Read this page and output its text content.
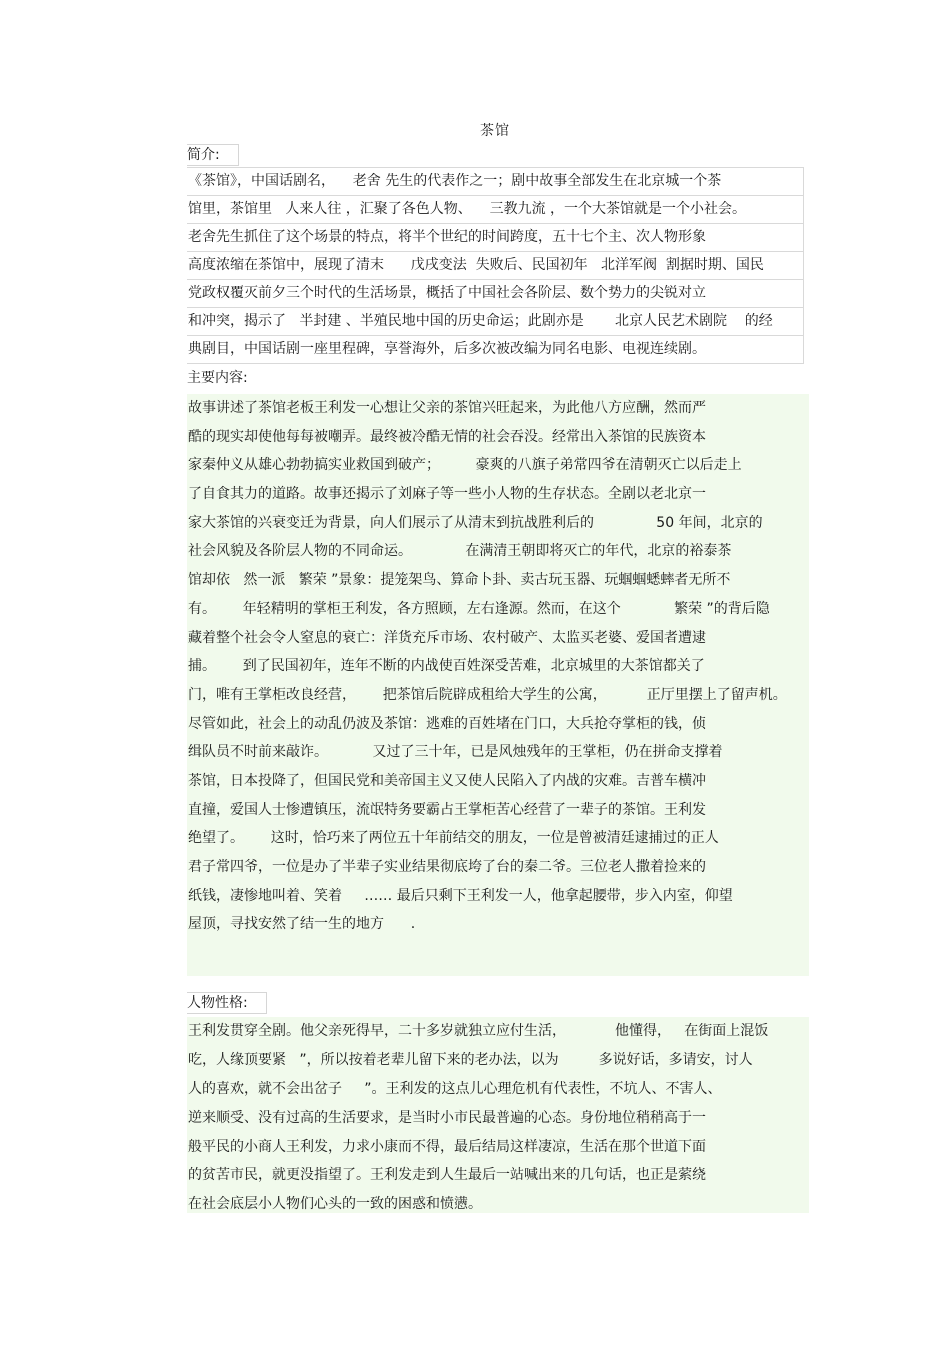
茶馆
简介:
《茶馆》，中国话剧名，    老舍 先生的代表作之一；剧中故事全部发生在北京城一个茶
馆里，茶馆里   人来人往 ，汇聚了各色人物、    三教九流 ，一个大茶馆就是一个小社会。
老舍先生抓住了这个场景的特点，将半个世纪的时间跨度，五十七个主、次人物形象
高度浓缩在茶馆中，展现了清末      戊戌变法  失败后、民国初年   北洋军阀  割据时期、国民
党政权覆灭前夕三个时代的生活场景，概括了中国社会各阶层、数个势力的尖锐对立
和冲突，揭示了   半封建 、半殖民地中国的历史命运；此剧亦是       北京人民艺术剧院    的经
典剧目，中国话剧一座里程碑，享誉海外，后多次被改编为同名电影、电视连续剧。
主要内容:
故事讲述了茶馆老板王利发一心想让父亲的茶馆兴旺起来，为此他八方应酬，然而严
酷的现实却使他每每被嘲弄。最终被冷酷无情的社会吞没。经常出入茶馆的民族资本
家秦仲义从雄心勃勃搞实业救国到破产；        豪爽的八旗子弟常四爷在清朝灭亡以后走上
了自食其力的道路。故事还揭示了刘麻子等一些小人物的生存状态。全剧以老北京一
家大茶馆的兴衰变迁为背景，向人们展示了从清末到抗战胜利后的              50 年间，北京的
社会风貌及各阶层人物的不同命运。            在满清王朝即将灭亡的年代，北京的裕泰茶
馆却依   然一派   繁荣 ”景象：提笼架鸟、算命卜卦、卖古玩玉器、玩蝈蝈蟋蟀者无所不
有。      年轻精明的掌柜王利发，各方照顾，左右逢源。然而，在这个            繁荣 ”的背后隐
藏着整个社会令人窒息的衰亡：洋货充斥市场、农村破产、太监买老婆、爱国者遭逮
捕。      到了民国初年，连年不断的内战使百姓深受苦难，北京城里的大茶馆都关了
门，唯有王掌柜改良经营，      把茶馆后院辟成租给大学生的公寓，         正厅里摆上了留声机。
尽管如此，社会上的动乱仍波及茶馆：逃难的百姓堵在门口，大兵抢夺掌柜的钱，侦
缉队员不时前来敲诈。          又过了三十年，已是风烛残年的王掌柜，仍在拼命支撑着
茶馆，日本投降了，但国民党和美帝国主义又使人民陷入了内战的灾难。吉普车横冲
直撞，爱国人士惨遭镇压，流氓特务要霸占王掌柜苦心经营了一辈子的茶馆。王利发
绝望了。      这时，恰巧来了两位五十年前结交的朋友，一位是曾被清廷逮捕过的正人
君子常四爷，一位是办了半辈子实业结果彻底垮了台的秦二爷。三位老人撒着捡来的
纸钱，凄惨地叫着、笑着     …… 最后只剩下王利发一人，他拿起腰带，步入内室，仰望
屋顶，寻找安然了结一生的地方      .
人物性格:
王利发贯穿全剧。他父亲死得早，二十多岁就独立应付生活，           他懂得，   在街面上混饭
吃，人缘顶要紧   ”，所以按着老辈儿留下来的老办法，以为         多说好话，多请安，讨人
人的喜欢，就不会出岔子     ”。王利发的这点儿心理危机有代表性，不坑人、不害人、
逆来顺受、没有过高的生活要求，是当时小市民最普遍的心态。身份地位稍稍高于一
般平民的小商人王利发，力求小康而不得，最后结局这样凄凉，生活在那个世道下面
的贫苦市民，就更没指望了。王利发走到人生最后一站喊出来的几句话，也正是萦绕
在社会底层小人物们心头的一致的困惑和愤懑。
